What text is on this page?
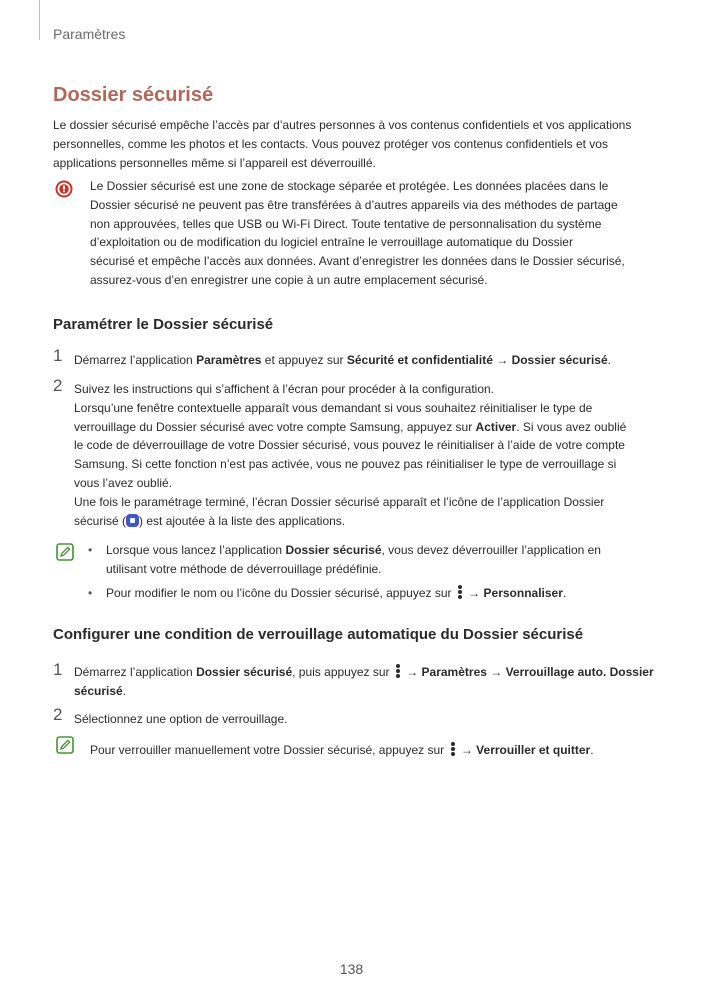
Paramètres
Dossier sécurisé
Le dossier sécurisé empêche l’accès par d’autres personnes à vos contenus confidentiels et vos applications
personnelles, comme les photos et les contacts. Vous pouvez protéger vos contenus confidentiels et vos
applications personnelles même si l’appareil est déverrouillé.
Le Dossier sécurisé est une zone de stockage séparée et protégée. Les données placées dans le
Dossier sécurisé ne peuvent pas être transférées à d’autres appareils via des méthodes de partage
non approuvées, telles que USB ou Wi-Fi Direct. Toute tentative de personnalisation du système
d’exploitation ou de modification du logiciel entraîne le verrouillage automatique du Dossier
sécurisé et empêche l’accès aux données. Avant d’enregistrer les données dans le Dossier sécurisé,
assurez-vous d’en enregistrer une copie à un autre emplacement sécurisé.
Paramétrer le Dossier sécurisé
1 Démarrez l’application Paramètres et appuyez sur Sécurité et confidentialité → Dossier sécurisé.
2 Suivez les instructions qui s’affichent à l’écran pour procéder à la configuration.
Lorsqu’une fenêtre contextuelle apparaît vous demandant si vous souhaitez réinitialiser le type de
verrouillage du Dossier sécurisé avec votre compte Samsung, appuyez sur Activer. Si vous avez oublié
le code de déverrouillage de votre Dossier sécurisé, vous pouvez le réinitialiser à l’aide de votre compte
Samsung. Si cette fonction n’est pas activée, vous ne pouvez pas réinitialiser le type de verrouillage si
vous l’avez oublié.
Une fois le paramétrage terminé, l’écran Dossier sécurisé apparaît et l’icône de l’application Dossier
sécurisé ( ) est ajoutée à la liste des applications.
• Lorsque vous lancez l’application Dossier sécurisé, vous devez déverrouiller l’application en
utilisant votre méthode de déverrouillage prédéfinie.
• Pour modifier le nom ou l’icône du Dossier sécurisé, appuyez sur
→ Personnaliser.
Configurer une condition de verrouillage automatique du Dossier sécurisé
1 Démarrez l’application Dossier sécurisé, puis appuyez sur
→ Paramètres → Verrouillage auto. Dossier
sécurisé.
2 Sélectionnez une option de verrouillage.
Pour verrouiller manuellement votre Dossier sécurisé, appuyez sur
→ Verrouiller et quitter.
138
